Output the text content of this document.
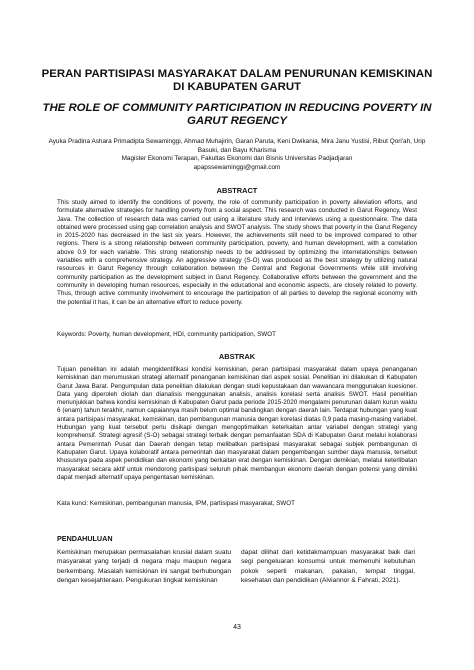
PERAN PARTISIPASI MASYARAKAT DALAM PENURUNAN KEMISKINAN DI KABUPATEN GARUT
THE ROLE OF COMMUNITY PARTICIPATION IN REDUCING POVERTY IN GARUT REGENCY
Ayuka Pradina Ashara Primadipta Sewaminggi, Ahmad Muhajirin, Garan Paruta, Keni Dwikania, Mira Janu Yustisi, Ribut Qori'ah, Urip Basuki, dan Bayu Kharisma
Magister Ekonomi Terapan, Fakultas Ekonomi dan Bisnis Universitas Padjadjaran
apapssewaminggi@gmail.com
ABSTRACT
This study aimed to identify the conditions of poverty, the role of community participation in poverty alleviation efforts, and formulate alternative strategies for handling poverty from a social aspect. This research was conducted in Garut Regency, West Java. The collection of research data was carried out using a literature study and interviews using a questionnaire. The data obtained were processed using gap correlation analysis and SWOT analysis. The study shows that poverty in the Garut Regency in 2015-2020 has decreased in the last six years. However, the achievements still need to be improved compared to other regions. There is a strong relationship between community participation, poverty, and human development, with a correlation above 0.9 for each variable. This strong relationship needs to be addressed by optimizing the interrelationships between variables with a comprehensive strategy. An aggressive strategy (S-O) was produced as the best strategy by utilizing natural resources in Garut Regency through collaboration between the Central and Regional Governments while still involving community participation as the development subject in Garut Regency. Collaborative efforts between the government and the community in developing human resources, especially in the educational and economic aspects, are closely related to poverty. Thus, through active community involvement to encourage the participation of all parties to develop the regional economy with the potential it has, it can be an alternative effort to reduce poverty.
Keywords: Poverty, human development, HDI, community participation, SWOT
ABSTRAK
Tujuan penelitian ini adalah mengidentifikasi kondisi kemiskinan, peran partisipasi masyarakat dalam upaya penanganan kemiskinan dan merumuskan strategi alternatif penanganan kemiskinan dari aspek sosial. Penelitian ini dilakukan di Kabupaten Garut Jawa Barat. Pengumpulan data penelitian dilakukan dengan studi kepustakaan dan wawancara menggunakan kuesioner. Data yang diperoleh diolah dan dianalisis menggunakan analisis, analisis korelasi serta analisis SWOT. Hasil penelitian menunjukkan bahwa kondisi kemiskinan di Kabupaten Garut pada periode 2015-2020 mengalami penurunan dalam kurun waktu 6 (enam) tahun terakhir, namun capaiannya masih belum optimal bandingkan dengan daerah lain. Terdapat hubungan yang kuat antara partisipasi masyarakat, kemiskinan, dan pembangunan manusia dengan korelasi diatas 0,9 pada masing-masing variabel. Hubungan yang kuat tersebut perlu disikapi dengan mengoptimalkan keterkaitan antar variabel dengan strategi yang komprehensif. Strategi agresif (S-O) sebagai strategi terbaik dengan pemanfaatan SDA di Kabupaten Garut melalui kolaborasi antara Pemerintah Pusat dan Daerah dengan tetap melibatkan partisipasi masyarakat sebagai subjek pembangunan di Kabupaten Garut. Upaya kolaboratif antara pemerintah dan masyarakat dalam pengembangan sumber daya manusia, tersebut khususnya pada aspek pendidikan dan ekonomi yang berkaitan erat dengan kemiskinan. Dengan demikian, melalui keterlibatan masyarakat secara aktif untuk mendorong partisipasi seluruh pihak membangun ekonomi daerah dengan potensi yang dimiliki dapat menjadi alternatif upaya pengentasan kemiskinan.
Kata kunci: Kemiskinan, pembangunan manusia, IPM, partisipasi masyarakat, SWOT
PENDAHULUAN
Kemiskinan merupakan permasalahan krusial dalam suatu masyarakat yang terjadi di negara maju maupun negara berkembang. Masalah kemiskinan ini sangat berhubungan dengan kesejahteraan. Pengukuran tingkat kemiskinan
dapat dilihat dari ketidakmampuan masyarakat baik dari segi pengeluaran konsumsi untuk memenuhi kebutuhan pokok seperti makanan, pakaian, tempat tinggal, kesehatan dan pendidikan (Alviannor & Fahrati, 2021).
43
